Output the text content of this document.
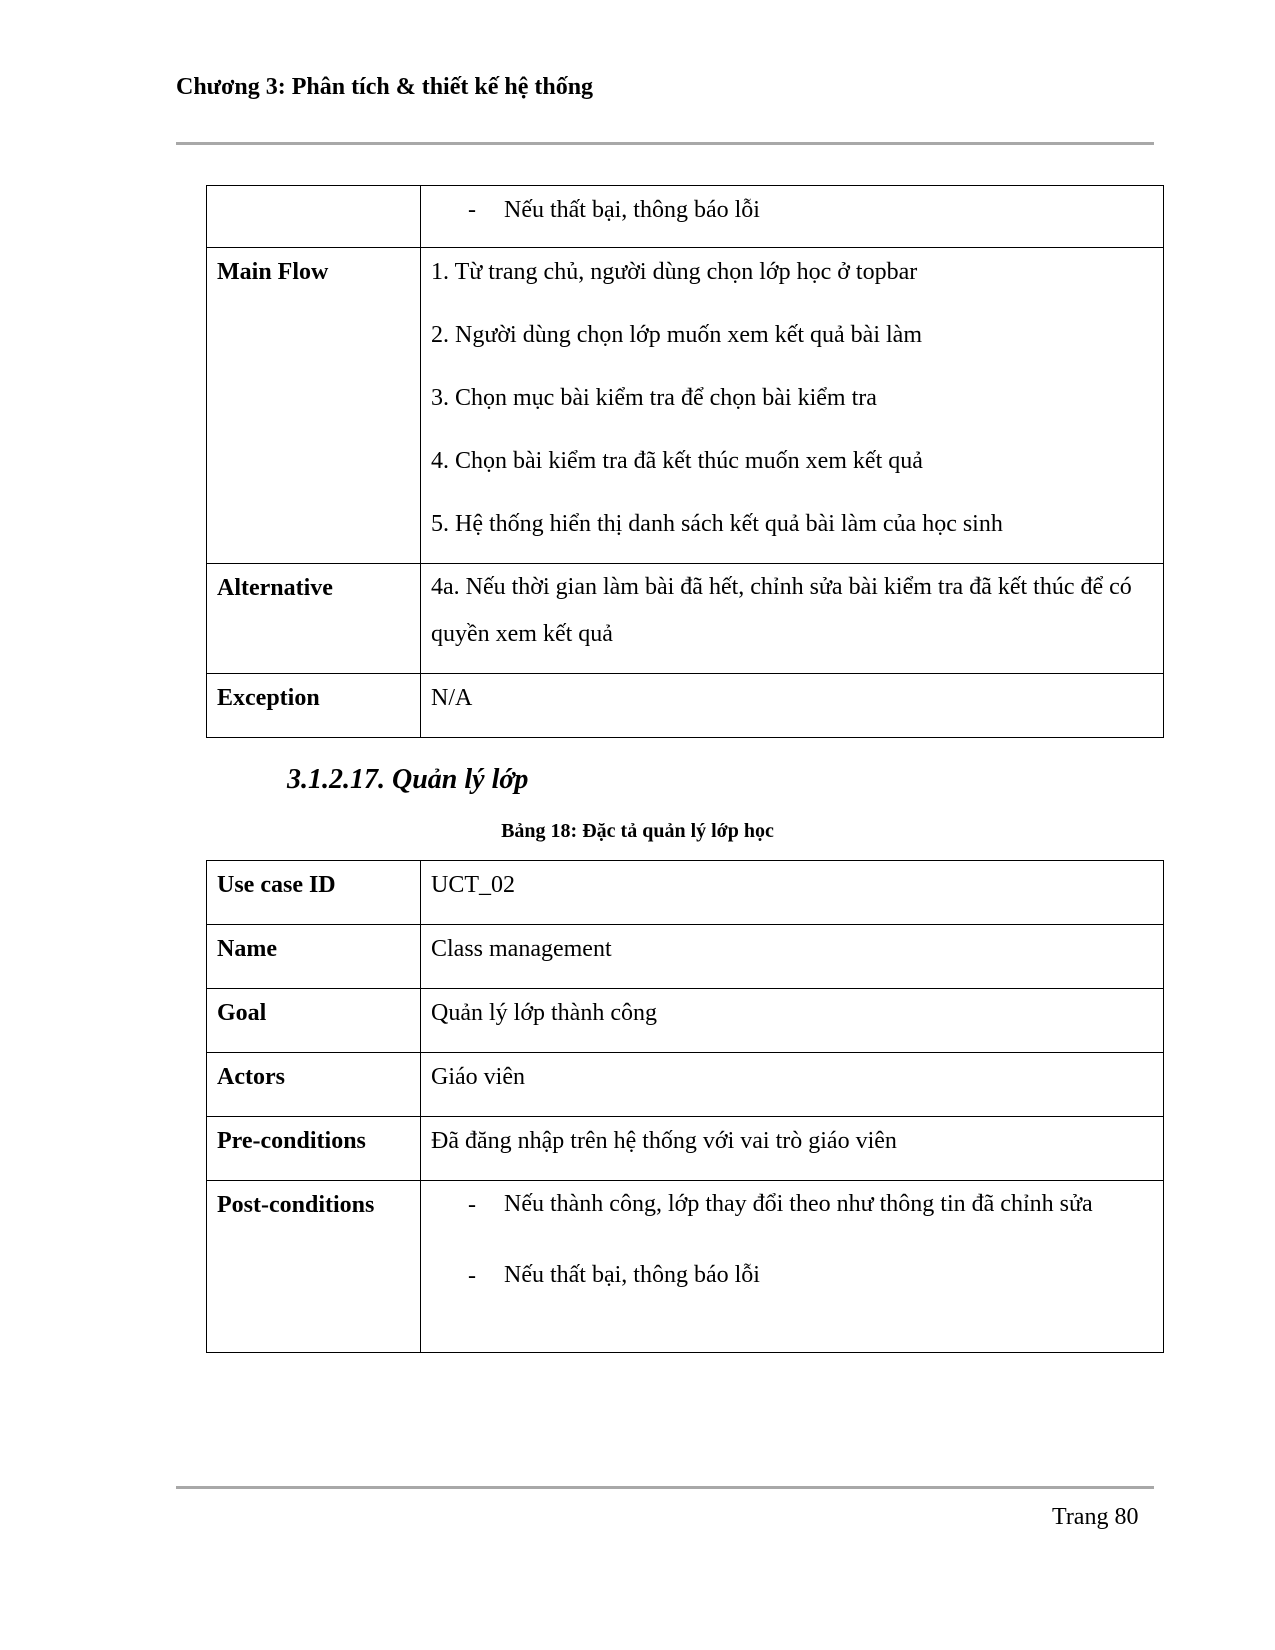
Chương 3: Phân tích & thiết kế hệ thống

	- Nếu thất bại, thông báo lỗi

Main Flow	1. Từ trang chủ, người dùng chọn lớp học ở topbar
2. Người dùng chọn lớp muốn xem kết quả bài làm
3. Chọn mục bài kiểm tra để chọn bài kiểm tra
4. Chọn bài kiểm tra đã kết thúc muốn xem kết quả
5. Hệ thống hiển thị danh sách kết quả bài làm của học sinh

Alternative	4a. Nếu thời gian làm bài đã hết, chỉnh sửa bài kiểm tra đã kết thúc để có quyền xem kết quả

Exception	N/A
3.1.2.17. Quản lý lớp
Bảng 18: Đặc tả quản lý lớp học
Use case ID	UCT_02
Name	Class management
Goal	Quản lý lớp thành công
Actors	Giáo viên
Pre-conditions	Đã đăng nhập trên hệ thống với vai trò giáo viên
Post-conditions	- Nếu thành công, lớp thay đổi theo như thông tin đã chỉnh sửa
- Nếu thất bại, thông báo lỗi
Trang 80
